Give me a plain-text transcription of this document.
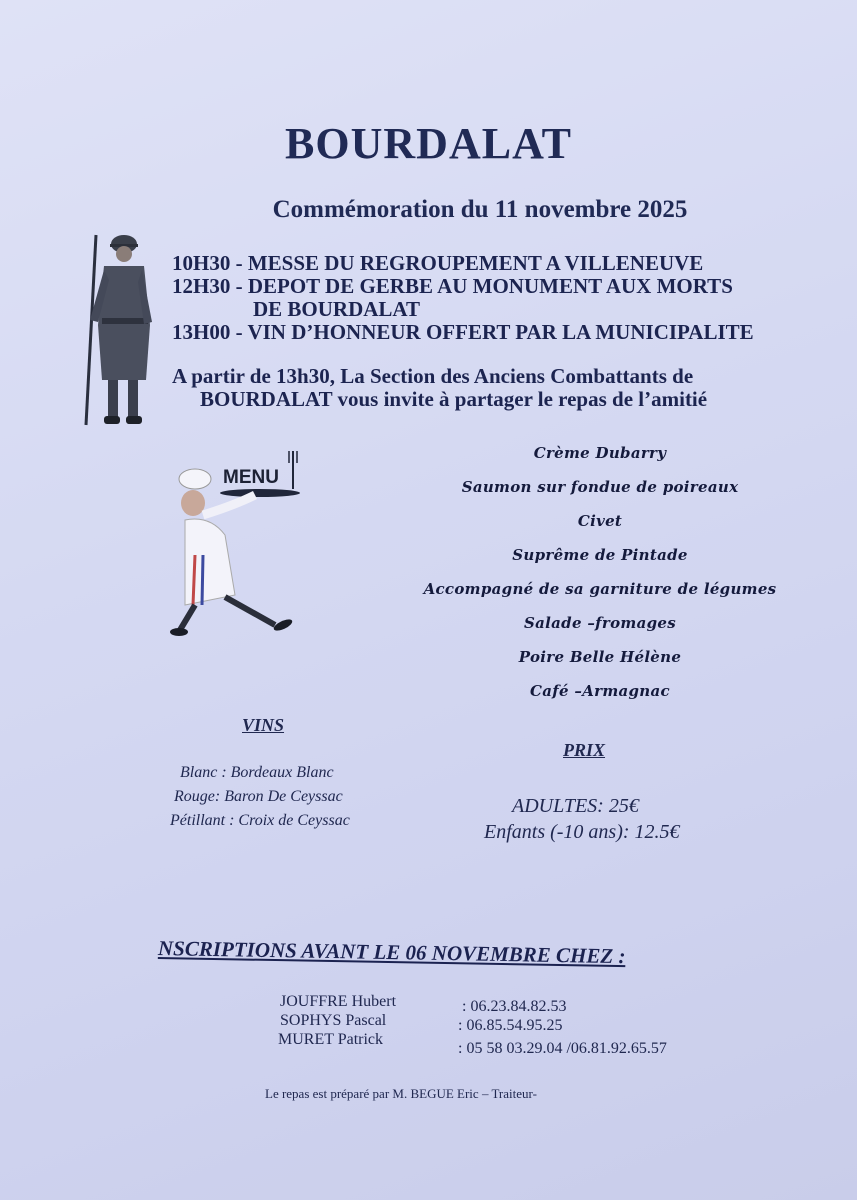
BOURDALAT
Commémoration du 11 novembre 2025
10H30 - MESSE DU REGROUPEMENT A VILLENEUVE
12H30 - DEPOT DE GERBE AU MONUMENT AUX MORTS
DE BOURDALAT
13H00 - VIN D’HONNEUR OFFERT PAR LA MUNICIPALITE
A partir de 13h30, La Section des Anciens Combattants de
BOURDALAT vous invite à partager le repas de l’amitié
MENU
Crème Dubarry
Saumon sur fondue de poireaux
Civet
Suprême de Pintade
Accompagné de sa garniture de légumes
Salade –fromages
Poire Belle Hélène
Café –Armagnac
VINS
Blanc : Bordeaux Blanc
Rouge: Baron De Ceyssac
Pétillant : Croix de Ceyssac
PRIX
ADULTES: 25€
Enfants (-10 ans): 12.5€
NSCRIPTIONS AVANT LE 06 NOVEMBRE CHEZ :
JOUFFRE Hubert	: 06.23.84.82.53
SOPHYS Pascal	: 06.85.54.95.25
MURET Patrick
: 05 58 03.29.04 /06.81.92.65.57
Le repas est préparé par M. BEGUE Eric – Traiteur-
